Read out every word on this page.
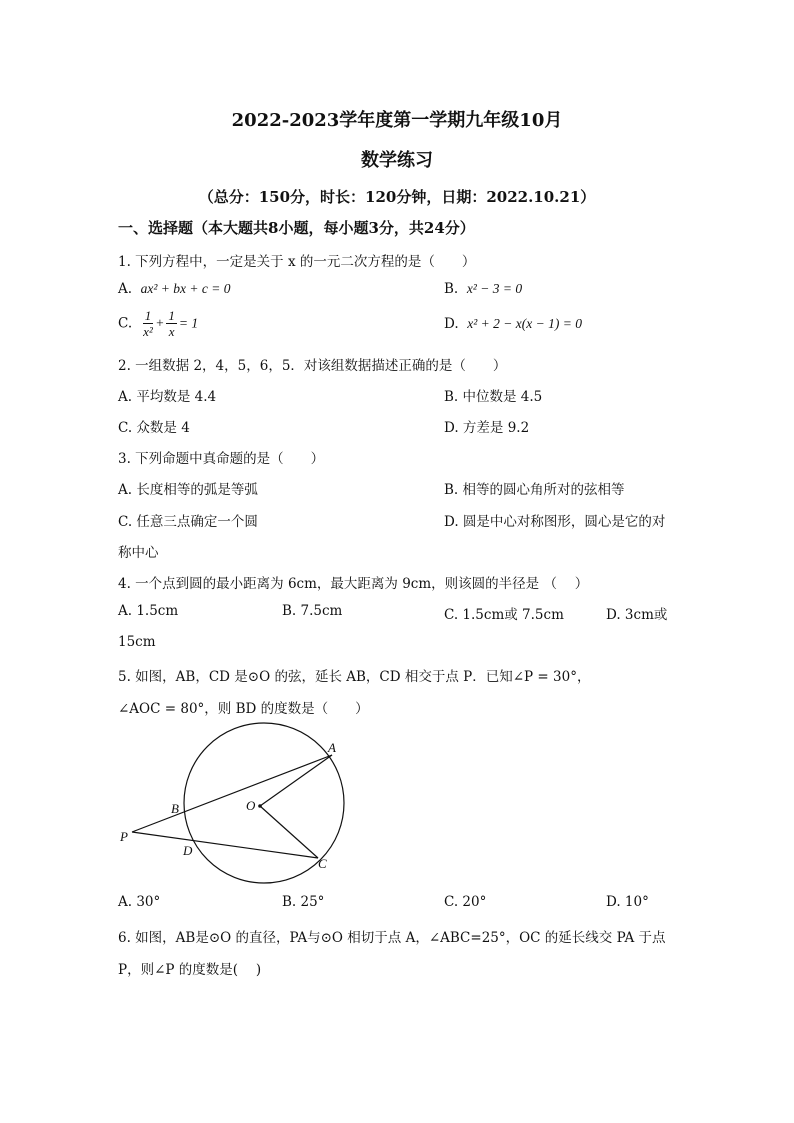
2022-2023学年度第一学期九年级10月
数学练习
（总分：150分，时长：120分钟，日期：2022.10.21）
一、选择题（本大题共8小题，每小题3分，共24分）
1. 下列方程中，一定是关于 x 的一元二次方程的是（　　）
A. ax² + bx + c = 0	B. x² − 3 = 0
C. $\frac{1}{\text{x²}} + \frac{1}{x} = 1$	D. x² + 2 − x(x − 1) = 0
2. 一组数据 2，4，5，6，5．对该组数据描述正确的是（　　）
A. 平均数是 4.4	B. 中位数是 4.5
C. 众数是 4	D. 方差是 9.2
3. 下列命题中真命题的是（　　）
A. 长度相等的弧是等弧	B. 相等的圆心角所对的弦相等
C. 任意三点确定一个圆	D. 圆是中心对称图形，圆心是它的对
称中心
4. 一个点到圆的最小距离为 6cm，最大距离为 9cm，则该圆的半径是 （　 ）
A. 1.5cm	B. 7.5cm	C. 1.5cm或 7.5cm	D. 3cm或
15cm
5. 如图，AB，CD 是⊙O 的弦，延长 AB，CD 相交于点 P．已知∠P = 30°，
∠AOC = 80°，则 BD 的度数是（　　）
A
B	O
P
D
C
A. 30°	B. 25°	C. 20°	D. 10°
6. 如图，AB是⊙O 的直径，PA与⊙O 相切于点 A，∠ABC=25°，OC 的延长线交 PA 于点
P，则∠P 的度数是(　 )
